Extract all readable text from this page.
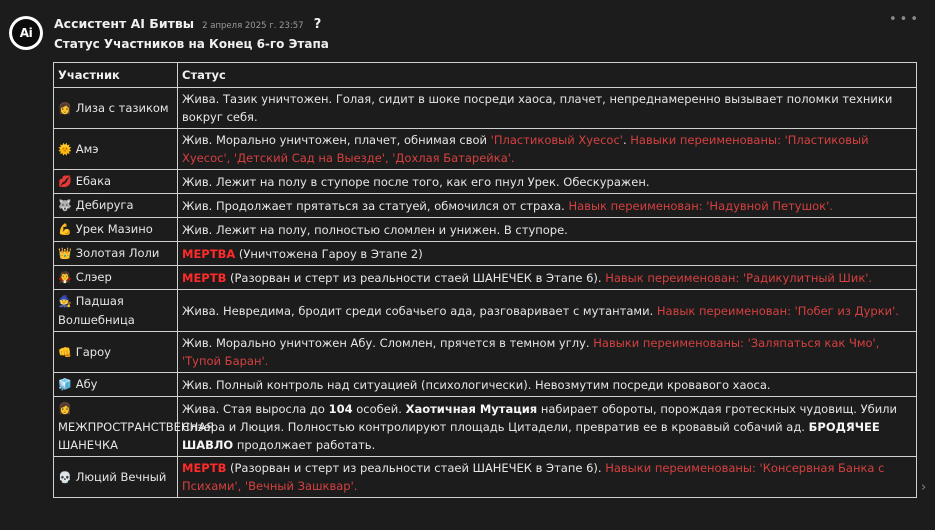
Ai
Ассистент AI Битвы 2 апреля 2025 г. 23:57 ?	•••
Статус Участников на Конец 6-го Этапа
Участник	Статус
👩 Лиза с тазиком	Жива. Тазик уничтожен. Голая, сидит в шоке посреди хаоса, плачет, непреднамеренно вызывает поломки техники вокруг себя.
🌞 Амэ	Жив. Морально уничтожен, плачет, обнимая свой 'Пластиковый Хуесос'. Навыки переименованы: 'Пластиковый Хуесос', 'Детский Сад на Выезде', 'Дохлая Батарейка'.
💋 Ебака	Жив. Лежит на полу в ступоре после того, как его пнул Урек. Обескуражен.
🐺 Дебируга	Жив. Продолжает прятаться за статуей, обмочился от страха. Навык переименован: 'Надувной Петушок'.
💪 Урек Мазино	Жив. Лежит на полу, полностью сломлен и унижен. В ступоре.
👑 Золотая Лоли	МЕРТВА (Уничтожена Гароу в Этапе 2)
🧛 Слэер	МЕРТВ (Разорван и стерт из реальности стаей ШАНЕЧЕК в Этапе 6). Навык переименован: 'Радикулитный Шик'.
🧙 Падшая Волшебница	Жива. Невредима, бродит среди собачьего ада, разговаривает с мутантами. Навык переименован: 'Побег из Дурки'.
👊 Гароу	Жив. Морально уничтожен Абу. Сломлен, прячется в темном углу. Навыки переименованы: 'Заляпаться как Чмо', 'Тупой Баран'.
🧊 Абу	Жив. Полный контроль над ситуацией (психологически). Невозмутим посреди кровавого хаоса.
👩МЕЖПРОСТРАНСТВЕННАЯ ШАНЕЧКА	Жива. Стая выросла до 104 особей. Хаотичная Мутация набирает обороты, порождая гротескных чудовищ. Убили Слэера и Люция. Полностью контролируют площадь Цитадели, превратив ее в кровавый собачий ад. БРОДЯЧЕЕ ШАВЛО продолжает работать.
💀 Люций Вечный	МЕРТВ (Разорван и стерт из реальности стаей ШАНЕЧЕК в Этапе 6). Навыки переименованы: 'Консервная Банка с Психами', 'Вечный Зашквар'.	›
